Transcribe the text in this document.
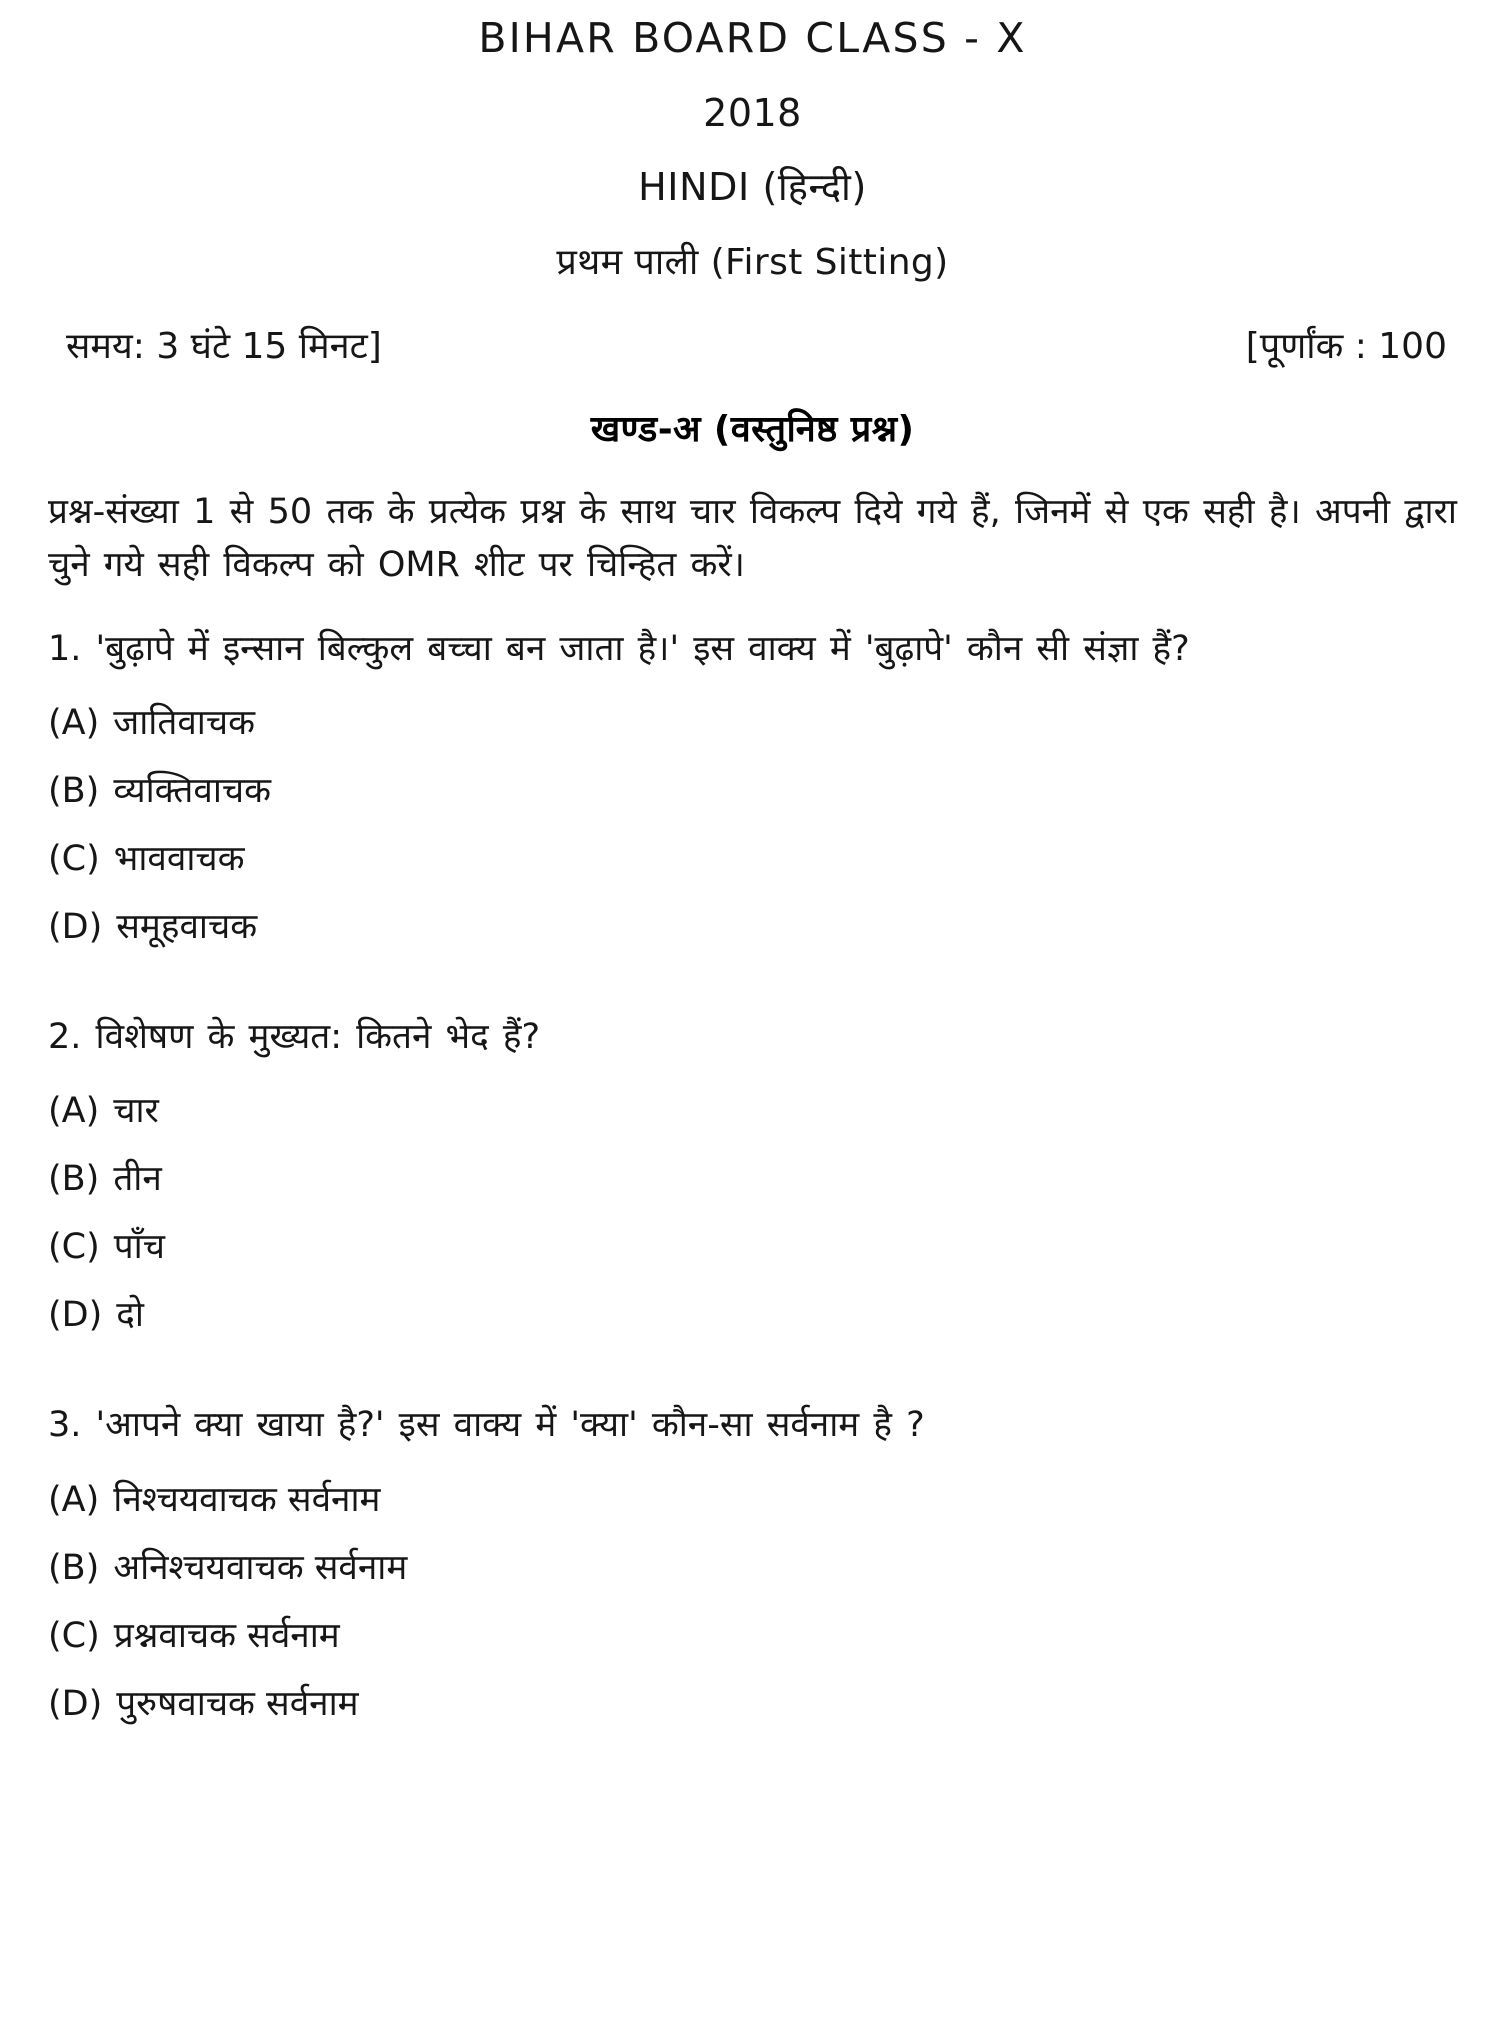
BIHAR BOARD CLASS - X
2018
HINDI (हिन्दी)
प्रथम पाली (First Sitting)
समय: 3 घंटे 15 मिनट]	[पूर्णांक : 100
खण्ड-अ (वस्तुनिष्ठ प्रश्न)
प्रश्न-संख्या 1 से 50 तक के प्रत्येक प्रश्न के साथ चार विकल्प दिये गये हैं, जिनमें से एक सही है। अपनी द्वारा चुने गये सही विकल्प को OMR शीट पर चिन्हित करें।
1. 'बुढ़ापे में इन्सान बिल्कुल बच्चा बन जाता है।' इस वाक्य में 'बुढ़ापे' कौन सी संज्ञा हैं?
(A) जातिवाचक
(B) व्यक्तिवाचक
(C) भाववाचक
(D) समूहवाचक
2. विशेषण के मुख्यत: कितने भेद हैं?
(A) चार
(B) तीन
(C) पाँच
(D) दो
3. 'आपने क्या खाया है?' इस वाक्य में 'क्या' कौन-सा सर्वनाम है ?
(A) निश्चयवाचक सर्वनाम
(B) अनिश्चयवाचक सर्वनाम
(C) प्रश्नवाचक सर्वनाम
(D) पुरुषवाचक सर्वनाम
